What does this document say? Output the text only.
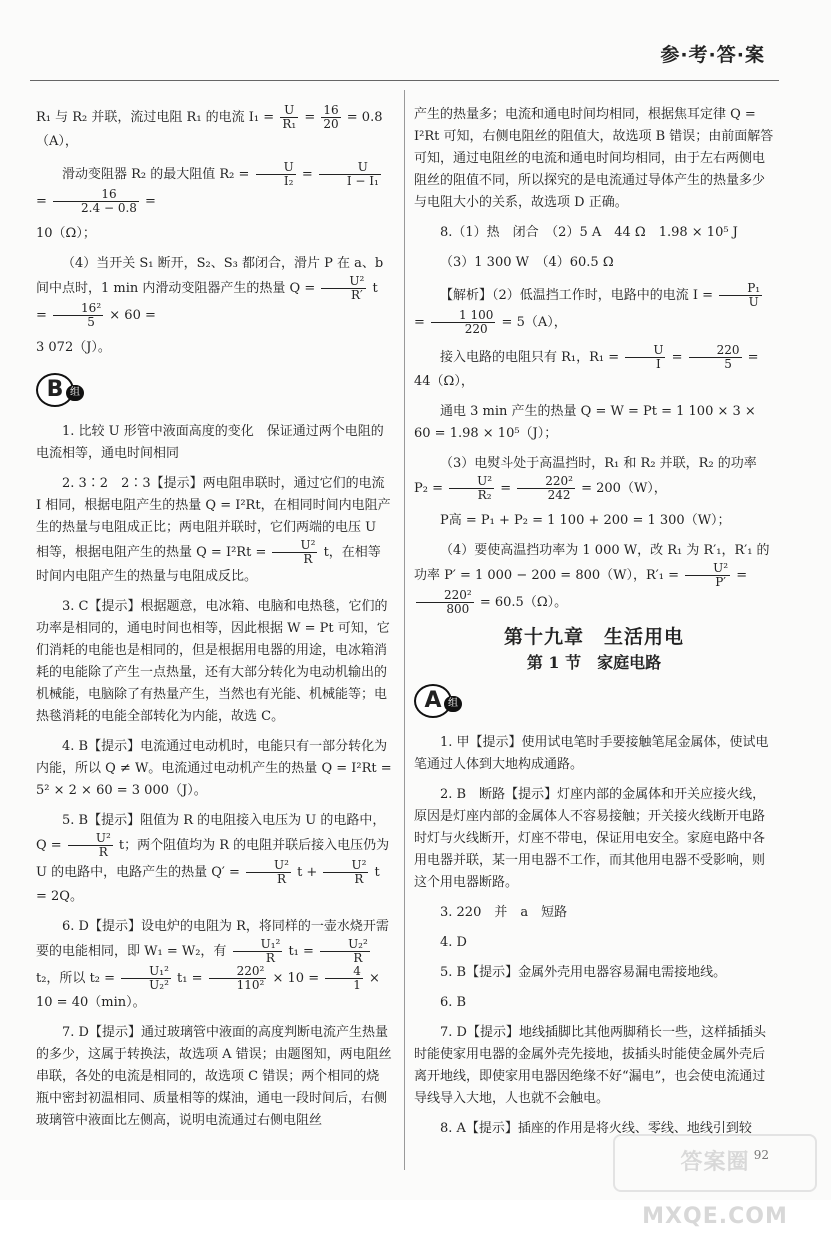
参·考·答·案

R₁ 与 R₂ 并联，流过电阻 R₁ 的电流 $I_1 = \frac{U}{\text{R₁}} = \frac{16}{20} = 0.8(A)$，

滑动变阻器 R₂ 的最大阻值 $R_2 = \frac{U}{\text{I₂}} = \frac{U}{\text{I − I₁}}$
= $\frac{16}{2.4 - 0.8}$ =

10（Ω）；

（4）当开关 S₁ 断开，S₂、S₃ 都闭合，滑片 P 在 a、b 间中点时，1 min 内滑动变阻器产生的热量 $Q = \frac{\text{U²}}{R'}$ $t = \frac{\text{16²}}{5} \times 60$ =

3 072（J）。

B 组

1. 比较 U 形管中液面高度的变化　保证通过两个电阻的电流相等，通电时间相同

2. 3∶2　2∶3【提示】两电阻串联时，通过它们的电流 I 相同，根据电阻产生的热量 Q = I²Rt，在相同时间内电阻产生的热量与电阻成正比；两电阻并联时，它们两端的电压 U 相等，根据电阻产生的热量 $Q = I^2Rt = \frac{\text{U²}}{R}$ t，在相等时间内电阻产生的热量与电阻成反比。

3. C【提示】根据题意，电冰箱、电脑和电热毯，它们的功率是相同的，通电时间也相等，因此根据 W = Pt 可知，它们消耗的电能也是相同的，但是根据用电器的用途，电冰箱消耗的电能除了产生一点热量，还有大部分转化为电动机输出的机械能，电脑除了有热量产生，当然也有光能、机械能等；电热毯消耗的电能全部转化为内能，故选 C。

4. B【提示】电流通过电动机时，电能只有一部分转化为内能，所以 Q ≠ W。电流通过电动机产生的热量 Q = I²Rt = 5² × 2 × 60 = 3 000（J）。

5. B【提示】阻值为 R 的电阻接入电压为 U 的电路中，$Q = \frac{\text{U²}}{R}$ t；两个阻值均为 R 的电阻并联后接入电压仍为 U 的电路中，电路产生的热量 $Q' = \frac{\text{U²}}{R}$ $t + \frac{\text{U²}}{R}$ t = 2Q。

6. D【提示】设电炉的电阻为 R，将同样的一壶水烧开需要的电能相同，即 W₁ = W₂，有 $\frac{\text{U₁²}}{R} t_1 = \frac{\text{U₂²}}{R}$
t₂，所以 $t_2 = \frac{\text{U₁²}}{\text{U₂²}} t_1 = \frac{\text{220²}}{\text{110²}} \times 10 = \frac{4}{1} \times 10 = 40(\min)$。

7. D【提示】通过玻璃管中液面的高度判断电流产生热量的多少，这属于转换法，故选项 A 错误；由题图知，两电阻丝串联，各处的电流是相同的，故选项 C 错误；两个相同的烧瓶中密封初温相同、质量相等的煤油，通电一段时间后，右侧玻璃管中液面比左侧高，说明电流通过右侧电阻丝

产生的热量多；电流和通电时间均相同，根据焦耳定律 Q = I²Rt 可知，右侧电阻丝的阻值大，故选项 B 错误；由前面解答可知，通过电阻丝的电流和通电时间均相同，由于左右两侧电阻丝的阻值不同，所以探究的是电流通过导体产生的热量多少与电阻大小的关系，故选项 D 正确。

8.（1）热　闭合　（2）5 A　44 Ω　1.98 × 10⁵ J

（3）1 300 W　（4）60.5 Ω

【解析】（2）低温挡工作时，电路中的电流 $I = \frac{\text{P₁}}{U}$
= $\frac{1 100}{220} = 5(A)$，

接入电路的电阻只有 R₁，$R_1 = \frac{U}{I} = \frac{220}{5} = 44(\Omega)$，

通电 3 min 产生的热量 Q = W = Pt = 1 100 × 3 × 60 = 1.98 × 10⁵（J）；

（3）电熨斗处于高温挡时，R₁ 和 R₂ 并联，R₂ 的功率 $P_2 = \frac{\text{U²}}{\text{R₂}} = \frac{\text{220²}}{242} = 200(W)$，

P高 = P₁ + P₂ = 1 100 + 200 = 1 300（W）；

（4）要使高温挡功率为 1 000 W，改 R₁ 为 R′₁，R′₁ 的功率 P′ = 1 000 − 200 = 800（W），$R'_1 = \frac{\text{U²}}{P'}$ =
$\frac{\text{220²}}{800} = 60.5(\Omega)$。

第十九章　生活用电
第 1 节　家庭电路
A 组

1. 甲【提示】使用试电笔时手要接触笔尾金属体，使试电笔通过人体到大地构成通路。

2. B　断路【提示】灯座内部的金属体和开关应接火线，原因是灯座内部的金属体人不容易接触；开关接火线断开电路时灯与火线断开，灯座不带电，保证用电安全。家庭电路中各用电器并联，某一用电器不工作，而其他用电器不受影响，则这个用电器断路。

3. 220　并　a　短路

4. D

5. B【提示】金属外壳用电器容易漏电需接地线。

6. B

7. D【提示】地线插脚比其他两脚稍长一些，这样插插头时能使家用电器的金属外壳先接地，拔插头时能使金属外壳后离开地线，即使家用电器因绝缘不好“漏电”，也会使电流通过导线导入大地，人也就不会触电。

8. A【提示】插座的作用是将火线、零线、地线引到较

92
答案圈 MXQE.COM
